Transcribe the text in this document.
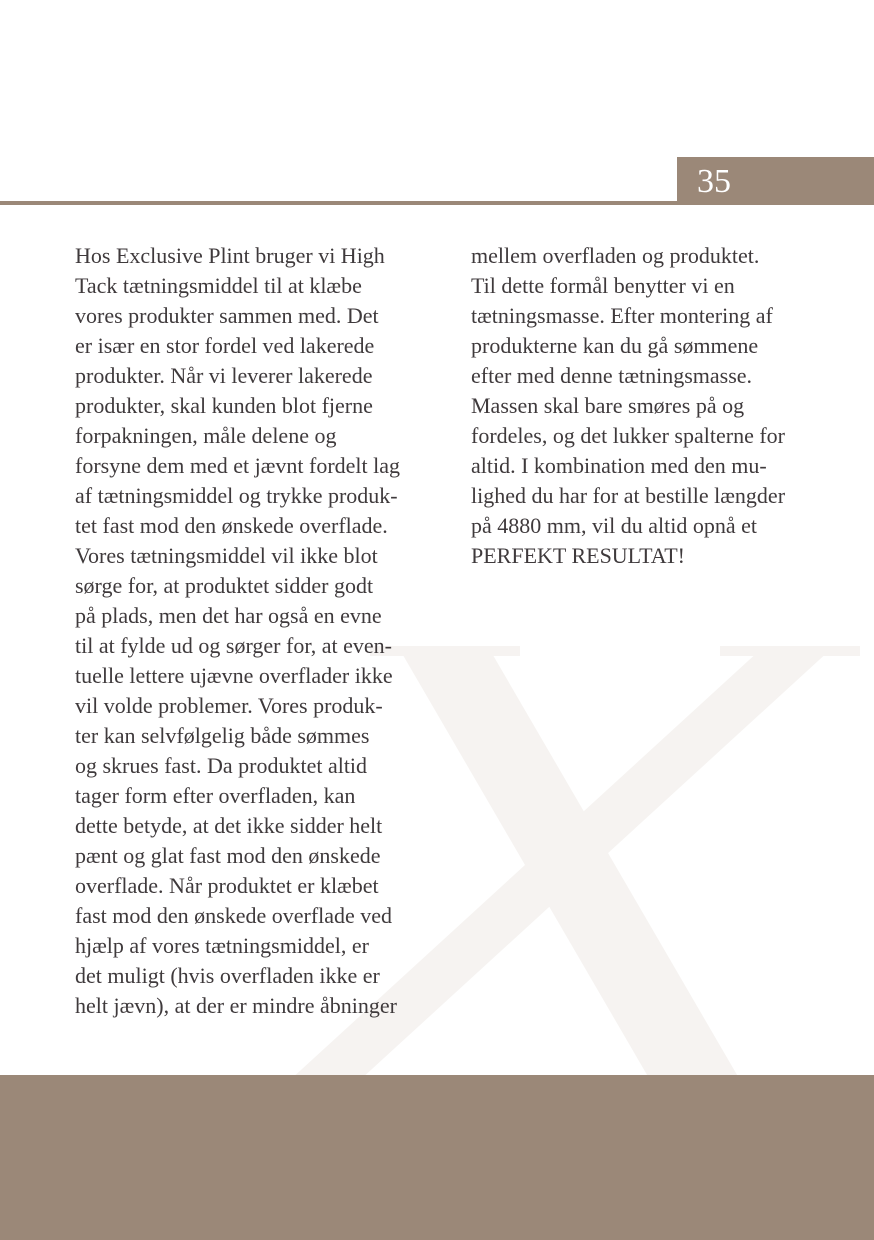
35
Hos Exclusive Plint bruger vi High
Tack tætningsmiddel til at klæbe
vores produkter sammen med. Det
er især en stor fordel ved lakerede
produkter. Når vi leverer lakerede
produkter, skal kunden blot fjerne
forpakningen, måle delene og
forsyne dem med et jævnt fordelt lag
af tætningsmiddel og trykke produk-
tet fast mod den ønskede overflade.
Vores tætningsmiddel vil ikke blot
sørge for, at produktet sidder godt
på plads, men det har også en evne
til at fylde ud og sørger for, at even-
tuelle lettere ujævne overflader ikke
vil volde problemer. Vores produk-
ter kan selvfølgelig både sømmes
og skrues fast. Da produktet altid
tager form efter overfladen, kan
dette betyde, at det ikke sidder helt
pænt og glat fast mod den ønskede
overflade. Når produktet er klæbet
fast mod den ønskede overflade ved
hjælp af vores tætningsmiddel, er
det muligt (hvis overfladen ikke er
helt jævn), at der er mindre åbninger
mellem overfladen og produktet.
Til dette formål benytter vi en
tætningsmasse. Efter montering af
produkterne kan du gå sømmene
efter med denne tætningsmasse.
Massen skal bare smøres på og
fordeles, og det lukker spalterne for
altid. I kombination med den mu-
lighed du har for at bestille længder
på 4880 mm, vil du altid opnå et
PERFEKT RESULTAT!
